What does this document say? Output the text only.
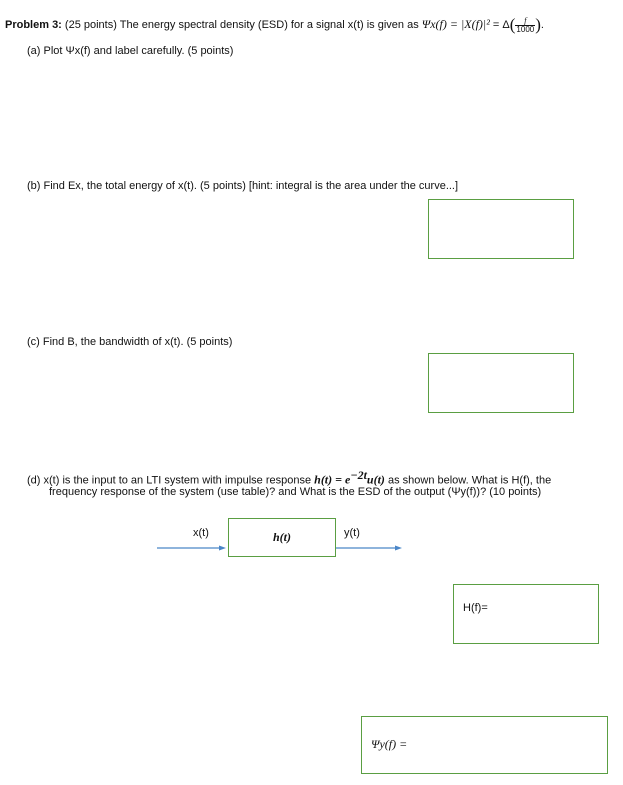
Problem 3: (25 points) The energy spectral density (ESD) for a signal x(t) is given as $\Psi x(f) = |X(f)|^2 = \Delta( \frac{f}{1000}$ ).
(a) Plot Ψx(f) and label carefully. (5 points)
(b) Find Ex, the total energy of x(t). (5 points) [hint: integral is the area under the curve...]
(c) Find B, the bandwidth of x(t). (5 points)
(d) x(t) is the input to an LTI system with impulse response $h(t) = e^{-2t}u(t)$ as shown below. What is H(f), the
frequency response of the system (use table)? and What is the ESD of the output (Ψy(f))? (10 points)
x(t)	y(t)
h(t)
H(f)=
Ψy(f) =
